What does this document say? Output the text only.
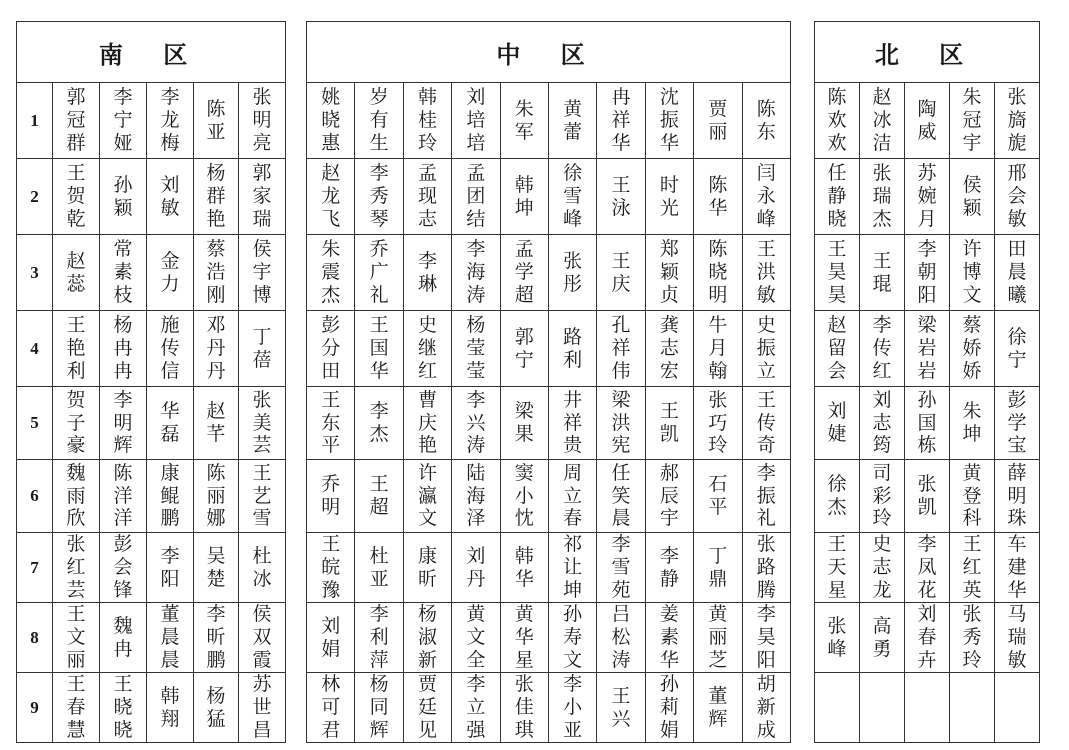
南 区					
1	郭冠群	李宁娅	李龙梅	陈亚	张明亮
2	王贺乾	孙颖	刘敏	杨群艳	郭家瑞
3	赵蕊	常素枝	金力	蔡浩刚	侯宇博
4	王艳利	杨冉冉	施传信	邓丹丹	丁蓓
5	贺子豪	李明辉	华磊	赵芊	张美芸
6	魏雨欣	陈洋洋	康鲲鹏	陈丽娜	王艺雪
7	张红芸	彭会锋	李阳	吴楚	杜冰
8	王文丽	魏冉	董晨晨	李昕鹏	侯双霞
9	王春慧	王晓晓	韩翔	杨猛	苏世昌
中 区									
姚晓惠	岁有生	韩桂玲	刘培培	朱军	黄蕾	冉祥华	沈振华	贾丽	陈东
赵龙飞	李秀琴	孟现志	孟团结	韩坤	徐雪峰	王泳	时光	陈华	闫永峰
朱震杰	乔广礼	李琳	李海涛	孟学超	张彤	王庆	郑颖贞	陈晓明	王洪敏
彭分田	王国华	史继红	杨莹莹	郭宁	路利	孔祥伟	龚志宏	牛月翰	史振立
王东平	李杰	曹庆艳	李兴涛	梁果	井祥贵	梁洪宪	王凯	张巧玲	王传奇
乔明	王超	许瀛文	陆海泽	窦小忱	周立春	任笑晨	郝辰宇	石平	李振礼
王皖豫	杜亚	康昕	刘丹	韩华	祁让坤	李雪苑	李静	丁鼎	张路腾
刘娟	李利萍	杨淑新	黄文全	黄华星	孙寿文	吕松涛	姜素华	黄丽芝	李昊阳
林可君	杨同辉	贾廷见	李立强	张佳琪	李小亚	王兴	孙莉娟	董辉	胡新成
北 区				
陈欢欢	赵冰洁	陶威	朱冠宇	张旖旎
任静晓	张瑞杰	苏婉月	侯颖	邢会敏
王昊昊	王琨	李朝阳	许博文	田晨曦
赵留会	李传红	梁岩岩	蔡娇娇	徐宁
刘婕	刘志筠	孙国栋	朱坤	彭学宝
徐杰	司彩玲	张凯	黄登科	薛明珠
王天星	史志龙	李凤花	王红英	车建华
张峰	高勇	刘春卉	张秀玲	马瑞敏
